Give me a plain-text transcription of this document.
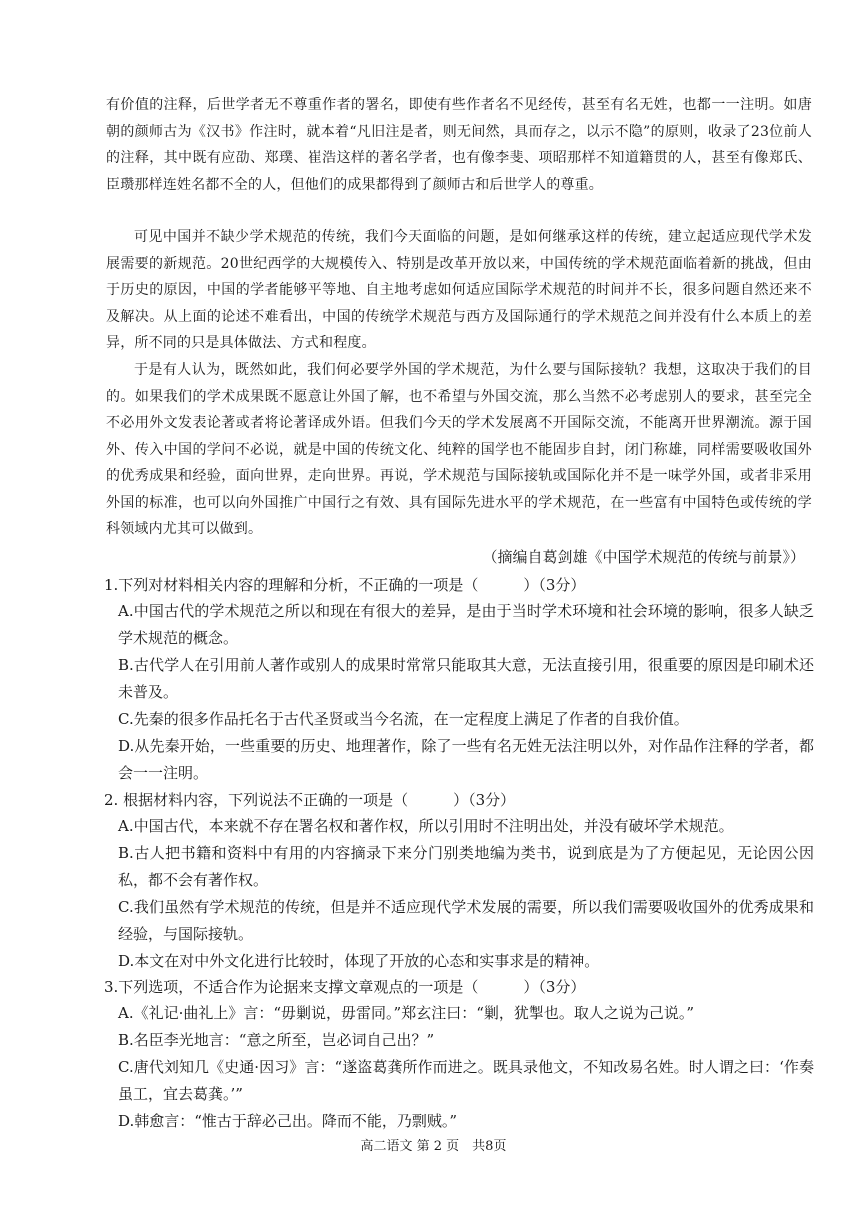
有价值的注释，后世学者无不尊重作者的署名，即使有些作者名不见经传，甚至有名无姓，也都一一注明。如唐朝的颜师古为《汉书》作注时，就本着“凡旧注是者，则无间然，具而存之，以示不隐”的原则，收录了23位前人的注释，其中既有应劭、郑璞、崔浩这样的著名学者，也有像李斐、项昭那样不知道籍贯的人，甚至有像郑氏、臣瓒那样连姓名都不全的人，但他们的成果都得到了颜师古和后世学人的尊重。

可见中国并不缺少学术规范的传统，我们今天面临的问题，是如何继承这样的传统，建立起适应现代学术发展需要的新规范。20世纪西学的大规模传入、特别是改革开放以来，中国传统的学术规范面临着新的挑战，但由于历史的原因，中国的学者能够平等地、自主地考虑如何适应国际学术规范的时间并不长，很多问题自然还来不及解决。从上面的论述不难看出，中国的传统学术规范与西方及国际通行的学术规范之间并没有什么本质上的差异，所不同的只是具体做法、方式和程度。

于是有人认为，既然如此，我们何必要学外国的学术规范，为什么要与国际接轨？我想，这取决于我们的目的。如果我们的学术成果既不愿意让外国了解，也不希望与外国交流，那么当然不必考虑别人的要求，甚至完全不必用外文发表论著或者将论著译成外语。但我们今天的学术发展离不开国际交流，不能离开世界潮流。源于国外、传入中国的学问不必说，就是中国的传统文化、纯粹的国学也不能固步自封，闭门称雄，同样需要吸收国外的优秀成果和经验，面向世界，走向世界。再说，学术规范与国际接轨或国际化并不是一味学外国，或者非采用外国的标准，也可以向外国推广中国行之有效、具有国际先进水平的学术规范，在一些富有中国特色或传统的学科领域内尤其可以做到。

（摘编自葛剑雄《中国学术规范的传统与前景》）

1.下列对材料相关内容的理解和分析，不正确的一项是（　　　）（3分）

A.中国古代的学术规范之所以和现在有很大的差异，是由于当时学术环境和社会环境的影响，很多人缺乏学术规范的概念。

B.古代学人在引用前人著作或别人的成果时常常只能取其大意，无法直接引用，很重要的原因是印刷术还未普及。

C.先秦的很多作品托名于古代圣贤或当今名流，在一定程度上满足了作者的自我价值。

D.从先秦开始，一些重要的历史、地理著作，除了一些有名无姓无法注明以外，对作品作注释的学者，都会一一注明。

2. 根据材料内容，下列说法不正确的一项是（　　　）（3分）

A.中国古代，本来就不存在署名权和著作权，所以引用时不注明出处，并没有破坏学术规范。

B.古人把书籍和资料中有用的内容摘录下来分门别类地编为类书，说到底是为了方便起见，无论因公因私，都不会有著作权。

C.我们虽然有学术规范的传统，但是并不适应现代学术发展的需要，所以我们需要吸收国外的优秀成果和经验，与国际接轨。

D.本文在对中外文化进行比较时，体现了开放的心态和实事求是的精神。

3.下列选项，不适合作为论据来支撑文章观点的一项是（　　　）（3分）

A.《礼记·曲礼上》言：“毋剿说，毋雷同。”郑玄注曰：“剿，犹掣也。取人之说为己说。”

B.名臣李光地言：“意之所至，岂必词自己出？”

C.唐代刘知几《史通·因习》言：“遂盗葛龚所作而进之。既具录他文，不知改易名姓。时人谓之曰：‘作奏虽工，宜去葛龚。’”

D.韩愈言：“惟古于辞必己出。降而不能，乃剽贼。”

高二语文 第 2 页　共8页
